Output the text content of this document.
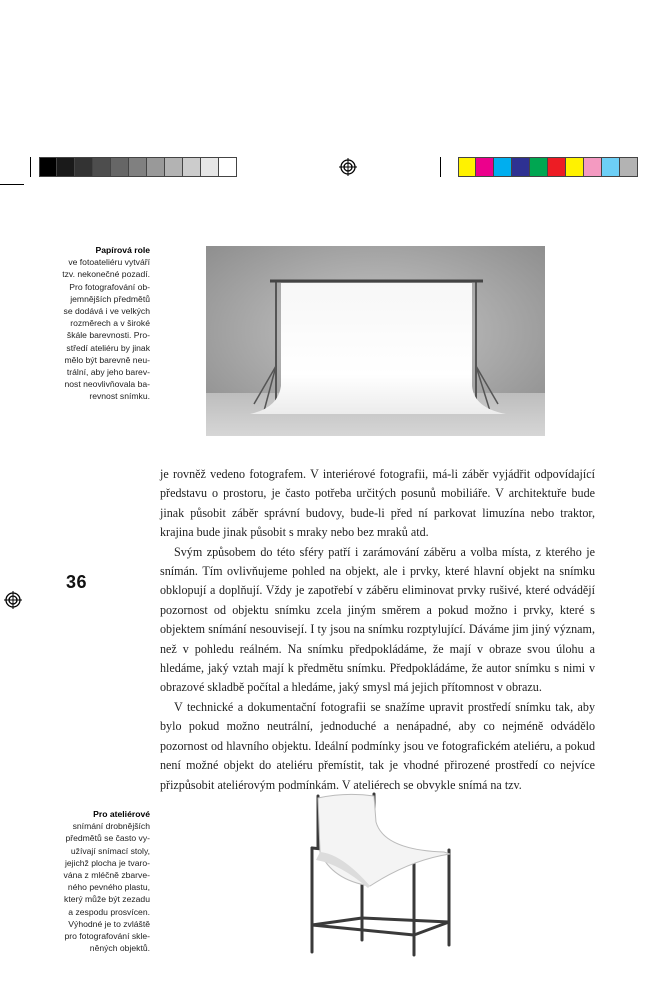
Papírová role
ve fotoateliéru vytváří
tzv. nekonečné pozadí.
Pro fotografování ob-
jemnějších předmětů
se dodává i ve velkých
rozměrech a v široké
škále barevnosti. Pro-
středí ateliéru by jinak
mělo být barevně neu-
trální, aby jeho barev-
nost neovlivňovala ba-
revnost snímku.

je rovněž vedeno fotografem. V interiérové fotografii, má-li záběr vyjádřit odpovídající představu o prostoru, je často potřeba určitých posunů mobiliáře. V architektuře bude jinak působit záběr správní budovy, bude-li před ní parkovat limuzína nebo traktor, krajina bude jinak působit s mraky nebo bez mraků atd.

Svým způsobem do této sféry patří i zarámování záběru a volba místa, z kterého je snímán. Tím ovlivňujeme pohled na objekt, ale i prvky, které hlavní objekt na snímku obklopují a doplňují. Vždy je zapotřebí v záběru eliminovat prvky rušivé, které odvádějí pozornost od objektu snímku zcela jiným směrem a pokud možno i prvky, které s objektem snímání nesouvisejí. I ty jsou na snímku rozptylující. Dáváme jim jiný význam, než v pohledu reálném. Na snímku předpokládáme, že mají v obraze svou úlohu a hledáme, jaký vztah mají k předmětu snímku. Předpokládáme, že autor snímku s nimi v obrazové skladbě počítal a hledáme, jaký smysl má jejich přítomnost v obrazu.

V technické a dokumentační fotografii se snažíme upravit prostředí snímku tak, aby bylo pokud možno neutrální, jednoduché a nenápadné, aby co nejméně odvádělo pozornost od hlavního objektu. Ideální podmínky jsou ve fotografickém ateliéru, a pokud není možné objekt do ateliéru přemístit, tak je vhodné přirozené prostředí co nejvíce přizpůsobit ateliérovým podmínkám. V ateliérech se obvykle snímá na tzv.

36
Pro ateliérové
snímání drobnějších
předmětů se často vy-
užívají snímací stoly,
jejichž plocha je tvaro-
vána z mléčně zbarve-
ného pevného plastu,
který může být zezadu
a zespodu prosvícen.
Výhodné je to zvláště
pro fotografování skle-
něných objektů.
